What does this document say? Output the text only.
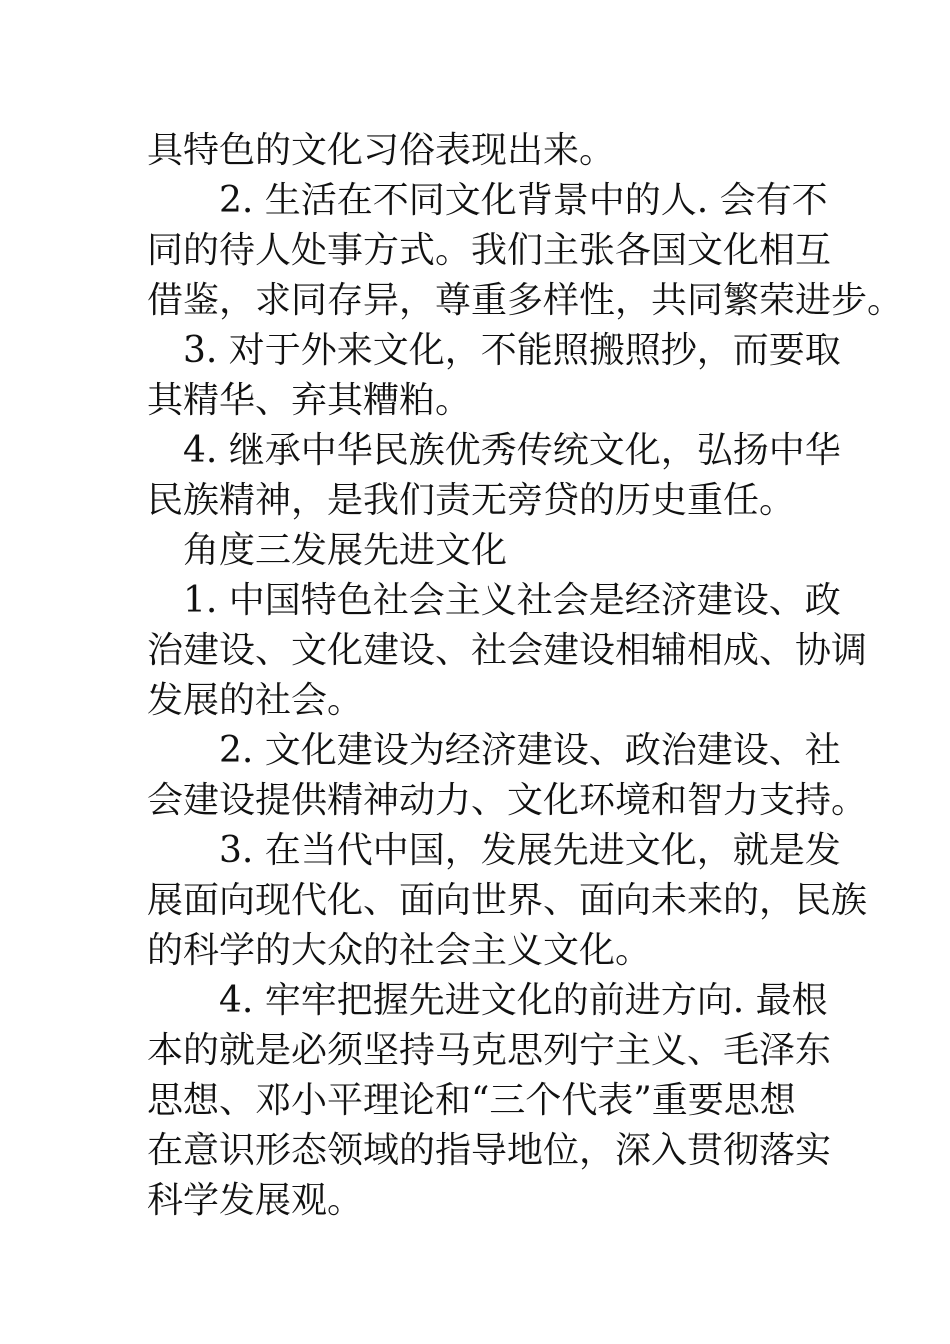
具特色的文化习俗表现出来。
2. 生活在不同文化背景中的人. 会有不
同的待人处事方式。我们主张各国文化相互
借鉴，求同存异，尊重多样性，共同繁荣进步。
3. 对于外来文化，不能照搬照抄，而要取
其精华、弃其糟粕。
4. 继承中华民族优秀传统文化，弘扬中华
民族精神，是我们责无旁贷的历史重任。
角度三发展先进文化
1. 中国特色社会主义社会是经济建设、政
治建设、文化建设、社会建设相辅相成、协调
发展的社会。
2. 文化建设为经济建设、政治建设、社
会建设提供精神动力、文化环境和智力支持。
3. 在当代中国，发展先进文化，就是发
展面向现代化、面向世界、面向未来的，民族
的科学的大众的社会主义文化。
4. 牢牢把握先进文化的前进方向. 最根
本的就是必须坚持马克思列宁主义、毛泽东
思想、邓小平理论和“三个代表”重要思想
在意识形态领域的指导地位，深入贯彻落实
科学发展观。
